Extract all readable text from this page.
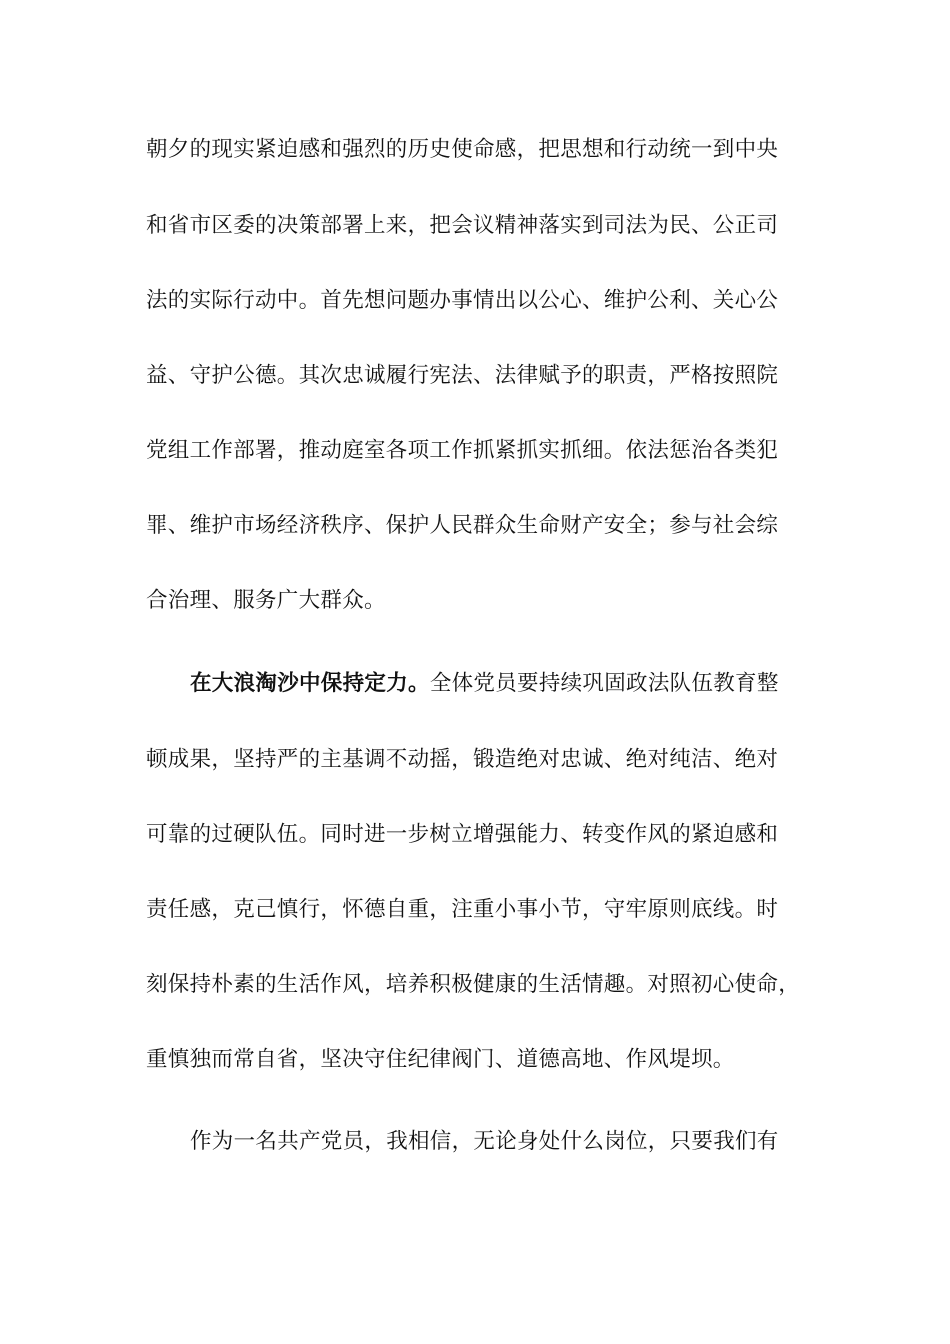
朝夕的现实紧迫感和强烈的历史使命感，把思想和行动统一到中央
和省市区委的决策部署上来，把会议精神落实到司法为民、公正司
法的实际行动中。首先想问题办事情出以公心、维护公利、关心公
益、守护公德。其次忠诚履行宪法、法律赋予的职责，严格按照院
党组工作部署，推动庭室各项工作抓紧抓实抓细。依法惩治各类犯
罪、维护市场经济秩序、保护人民群众生命财产安全；参与社会综
合治理、服务广大群众。
在大浪淘沙中保持定力。全体党员要持续巩固政法队伍教育整
顿成果，坚持严的主基调不动摇，锻造绝对忠诚、绝对纯洁、绝对
可靠的过硬队伍。同时进一步树立增强能力、转变作风的紧迫感和
责任感，克己慎行，怀德自重，注重小事小节，守牢原则底线。时
刻保持朴素的生活作风，培养积极健康的生活情趣。对照初心使命，
重慎独而常自省，坚决守住纪律阀门、道德高地、作风堤坝。
作为一名共产党员，我相信，无论身处什么岗位，只要我们有
